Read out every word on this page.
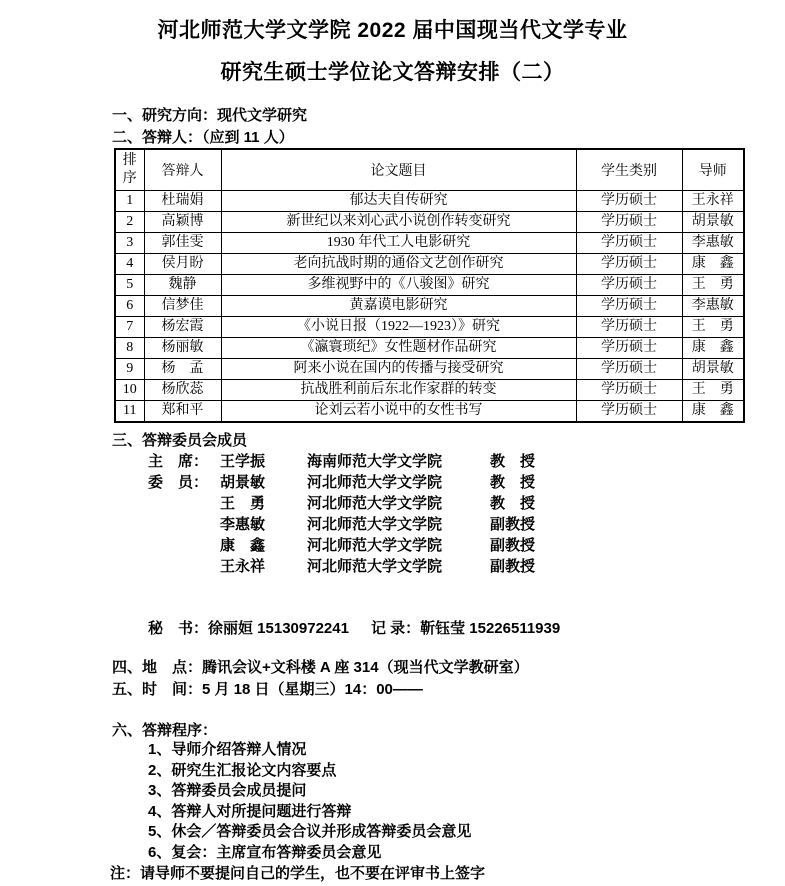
河北师范大学文学院 2022 届中国现当代文学专业
研究生硕士学位论文答辩安排（二）
一、研究方向：现代文学研究
二、答辩人：（应到 11 人）
排序	答辩人	论文题目	学生类别	导师
1	杜瑞娟	郁达夫自传研究	学历硕士	王永祥
2	高颖博	新世纪以来刘心武小说创作转变研究	学历硕士	胡景敏
3	郭佳雯	1930 年代工人电影研究	学历硕士	李惠敏
4	侯月盼	老向抗战时期的通俗文艺创作研究	学历硕士	康　鑫
5	魏静	多维视野中的《八骏图》研究	学历硕士	王　勇
6	信梦佳	黄嘉谟电影研究	学历硕士	李惠敏
7	杨宏霞	《小说日报（1922—1923）》研究	学历硕士	王　勇
8	杨丽敏	《瀛寰琐纪》女性题材作品研究	学历硕士	康　鑫
9	杨　孟	阿来小说在国内的传播与接受研究	学历硕士	胡景敏
10	杨欣蕊	抗战胜利前后东北作家群的转变	学历硕士	王　勇
11	郑和平	论刘云若小说中的女性书写	学历硕士	康　鑫
三、答辩委员会成员
主　席： 王学振	海南师范大学文学院	教　授
委　员： 胡景敏	河北师范大学文学院	教　授
王　勇	河北师范大学文学院	教　授
李惠敏	河北师范大学文学院	副教授
康　鑫	河北师范大学文学院	副教授
王永祥	河北师范大学文学院	副教授
秘　书：徐丽姮 15130972241 记 录：靳钰莹 15226511939
四、地　点：腾讯会议+文科楼 A 座 314（现当代文学教研室）
五、时　间：5 月 18 日（星期三）14：00——
六、答辩程序：
1、导师介绍答辩人情况
2、研究生汇报论文内容要点
3、答辩委员会成员提问
4、答辩人对所提问题进行答辩
5、休会／答辩委员会合议并形成答辩委员会意见
6、复会：主席宣布答辩委员会意见
注：请导师不要提问自己的学生，也不要在评审书上签字
